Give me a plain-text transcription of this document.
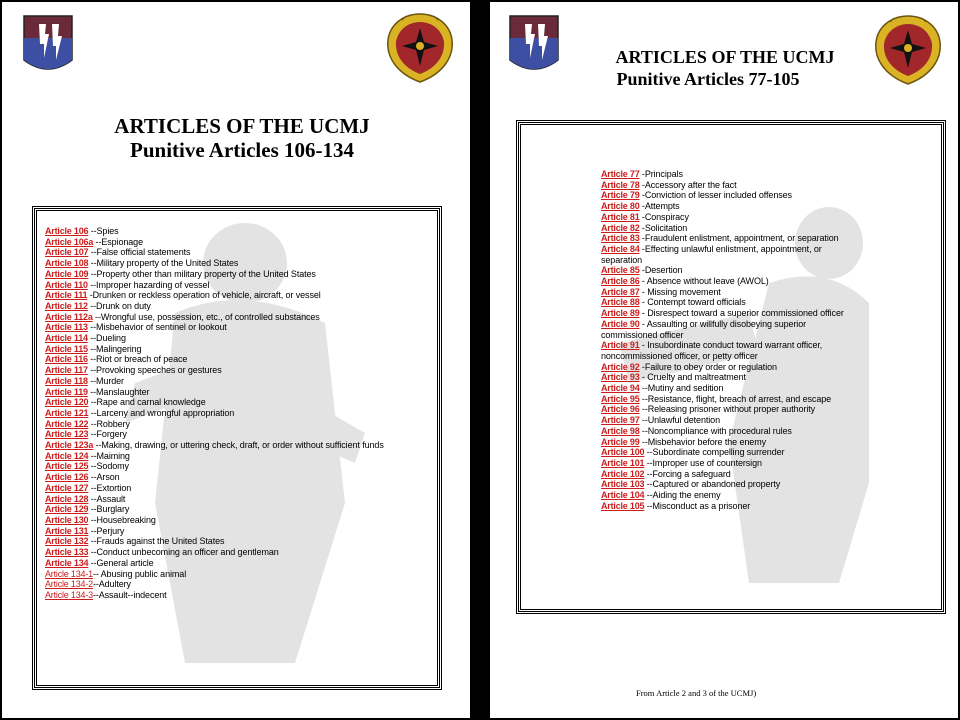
ARTICLES OF THE UCMJ
Punitive Articles 106-134
Article 106 --Spies
Article 106a --Espionage
Article 107 --False official statements
Article 108 --Military property of the United States
Article 109 --Property other than military property of the United States
Article 110 --Improper hazarding of vessel
Article 111 -Drunken or reckless operation of vehicle, aircraft, or vessel
Article 112 --Drunk on duty
Article 112a --Wrongful use, possession, etc., of controlled substances
Article 113 --Misbehavior of sentinel or lookout
Article 114 --Dueling
Article 115 --Malingering
Article 116 --Riot or breach of peace
Article 117 --Provoking speeches or gestures
Article 118 --Murder
Article 119 --Manslaughter
Article 120 --Rape and carnal knowledge
Article 121 --Larceny and wrongful appropriation
Article 122 --Robbery
Article 123 --Forgery
Article 123a --Making, drawing, or uttering check, draft, or order without sufficient funds
Article 124 --Maiming
Article 125 --Sodomy
Article 126 --Arson
Article 127 --Extortion
Article 128 --Assault
Article 129 --Burglary
Article 130 --Housebreaking
Article 131 --Perjury
Article 132 --Frauds against the United States
Article 133 --Conduct unbecoming an officer and gentleman
Article 134 --General article
Article 134-1-- Abusing public animal
Article 134-2--Adultery
Article 134-3--Assault--indecent
ARTICLES OF THE UCMJ
Punitive Articles 77-105
Article 77 -Principals
Article 78 -Accessory after the fact
Article 79 -Conviction of lesser included offenses
Article 80 -Attempts
Article 81 -Conspiracy
Article 82 -Solicitation
Article 83 -Fraudulent enlistment, appointment, or separation
Article 84 -Effecting unlawful enlistment, appointment, or separation
Article 85 -Desertion
Article 86 - Absence without leave (AWOL)
Article 87 - Missing movement
Article 88 - Contempt toward officials
Article 89 - Disrespect toward a superior commissioned officer
Article 90 - Assaulting or willfully disobeying superior commissioned officer
Article 91 - Insubordinate conduct toward warrant officer, noncommissioned officer, or petty officer
Article 92 -Failure to obey order or regulation
Article 93 - Cruelty and maltreatment
Article 94 --Mutiny and sedition
Article 95 --Resistance, flight, breach of arrest, and escape
Article 96 --Releasing prisoner without proper authority
Article 97 --Unlawful detention
Article 98 --Noncompliance with procedural rules
Article 99 --Misbehavior before the enemy
Article 100 --Subordinate compelling surrender
Article 101 --Improper use of countersign
Article 102 --Forcing a safeguard
Article 103 --Captured or abandoned property
Article 104 --Aiding the enemy
Article 105 --Misconduct as a prisoner
From Article 2 and 3 of the UCMJ)
